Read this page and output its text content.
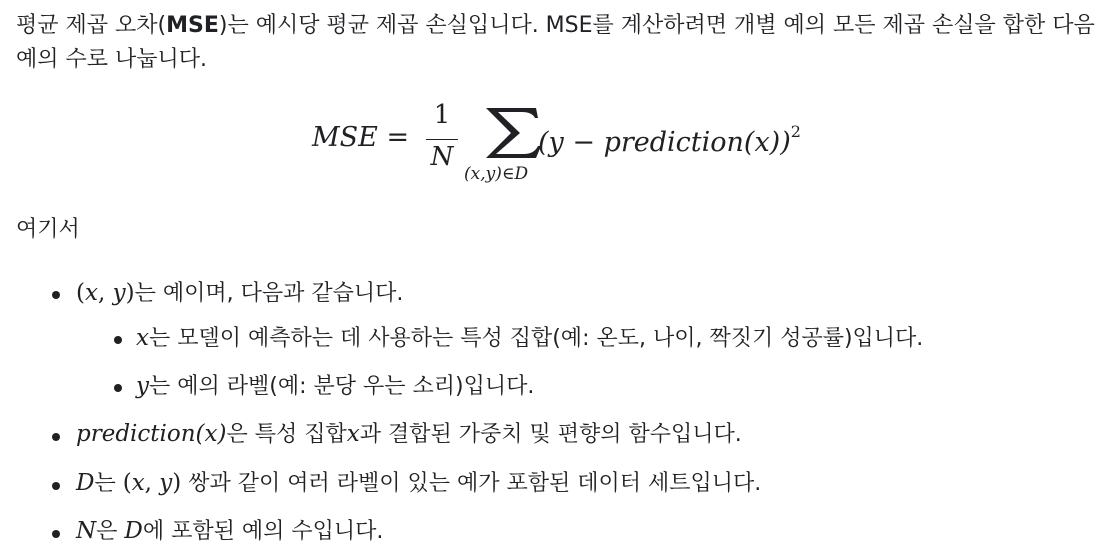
평균 제곱 오차(MSE)는 예시당 평균 제곱 손실입니다. MSE를 계산하려면 개별 예의 모든 제곱 손실을 합한 다음 예의 수로 나눕니다.

MSE =
1
N
(x,y)∈D
(y − prediction(x))$^2$
여기서
(x, y)는 예이며, 다음과 같습니다.
x는 모델이 예측하는 데 사용하는 특성 집합(예: 온도, 나이, 짝짓기 성공률)입니다.
y는 예의 라벨(예: 분당 우는 소리)입니다.
prediction(x)은 특성 집합x과 결합된 가중치 및 편향의 함수입니다.
D는 (x, y) 쌍과 같이 여러 라벨이 있는 예가 포함된 데이터 세트입니다.
N은 D에 포함된 예의 수입니다.
